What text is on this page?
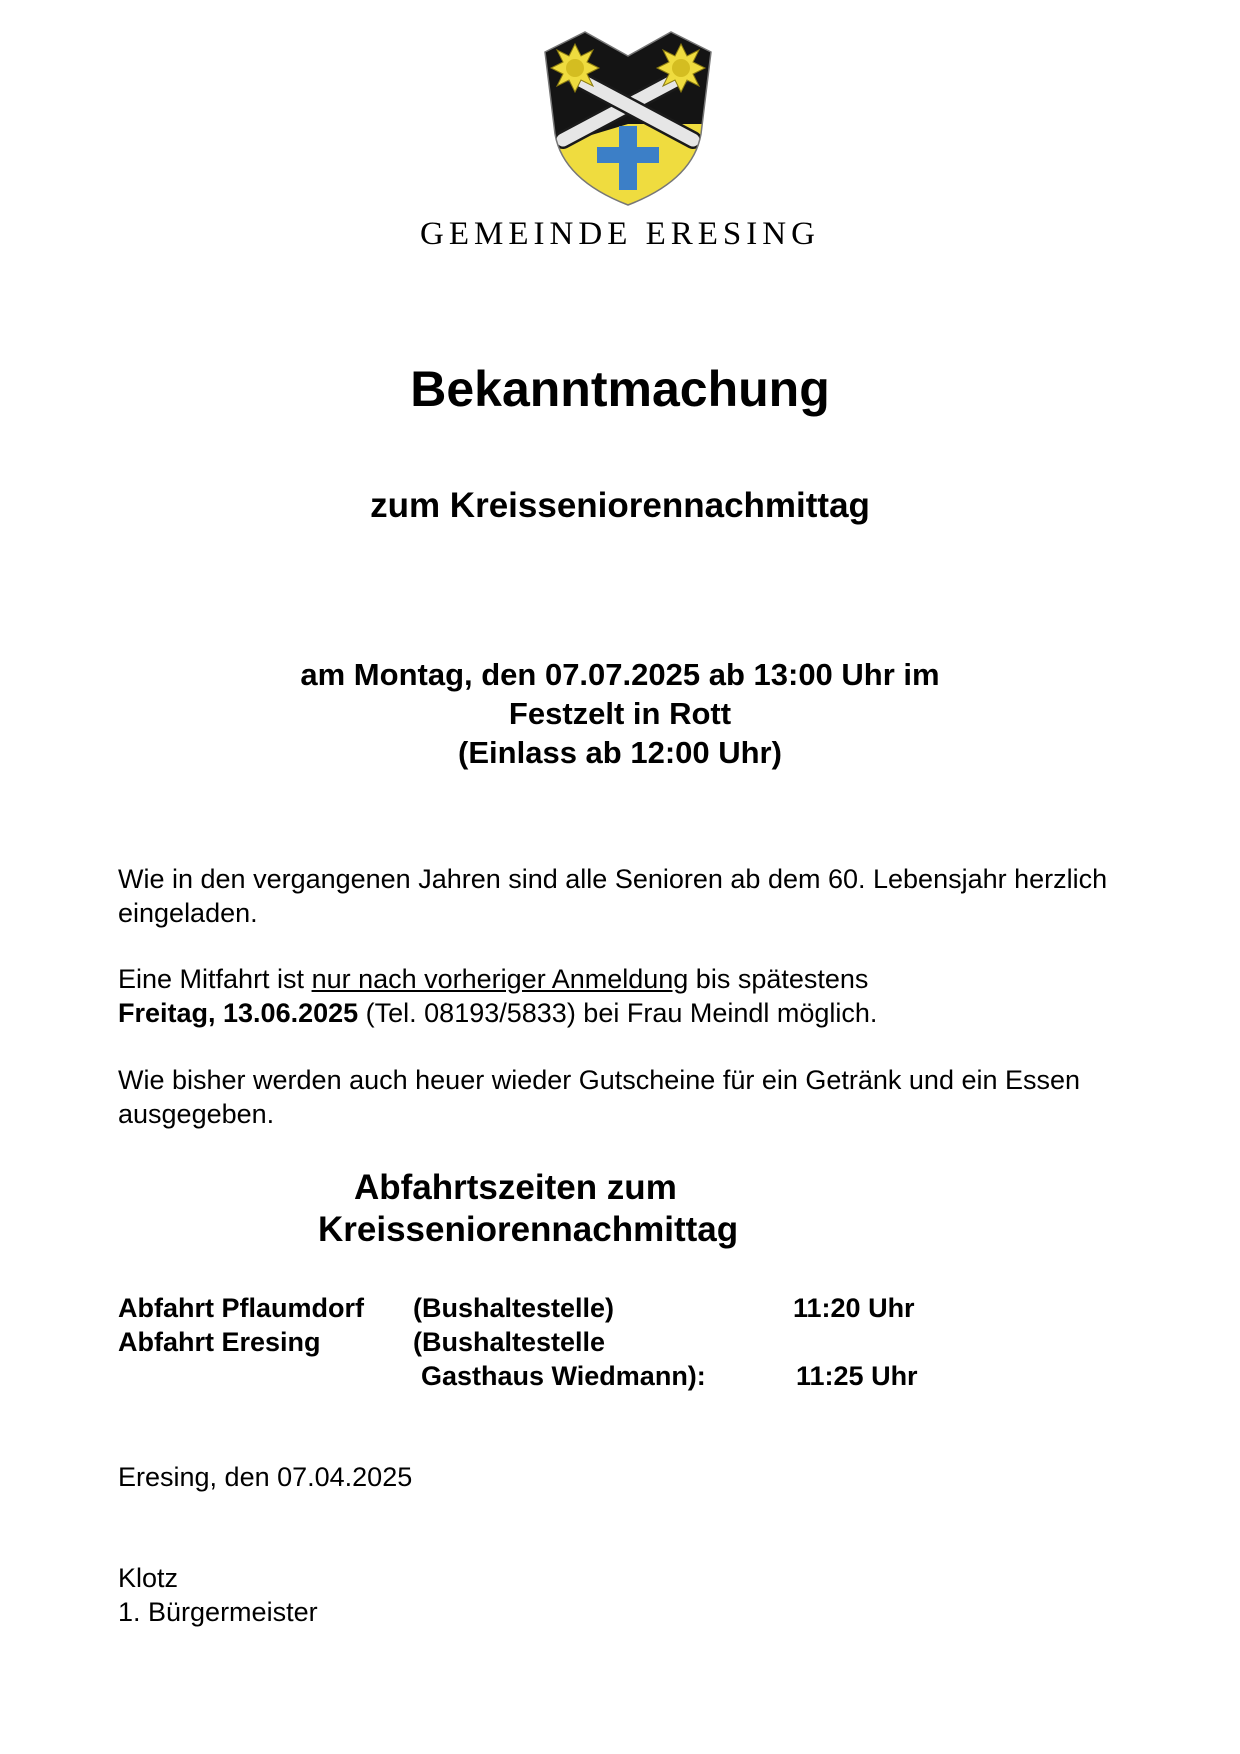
GEMEINDE ERESING
Bekanntmachung
zum Kreisseniorennachmittag
am Montag, den 07.07.2025 ab 13:00 Uhr im
Festzelt in Rott
(Einlass ab 12:00 Uhr)
Wie in den vergangenen Jahren sind alle Senioren ab dem 60. Lebensjahr herzlich eingeladen.
Eine Mitfahrt ist nur nach vorheriger Anmeldung bis spätestens
Freitag, 13.06.2025 (Tel. 08193/5833) bei Frau Meindl möglich.
Wie bisher werden auch heuer wieder Gutscheine für ein Getränk und ein Essen ausgegeben.
Abfahrtszeiten zum
Kreisseniorennachmittag
Abfahrt Pflaumdorf (Bushaltestelle)	11:20 Uhr
Abfahrt Eresing	(Bushaltestelle
Gasthaus Wiedmann):	11:25 Uhr
Eresing, den 07.04.2025
Klotz
1. Bürgermeister
